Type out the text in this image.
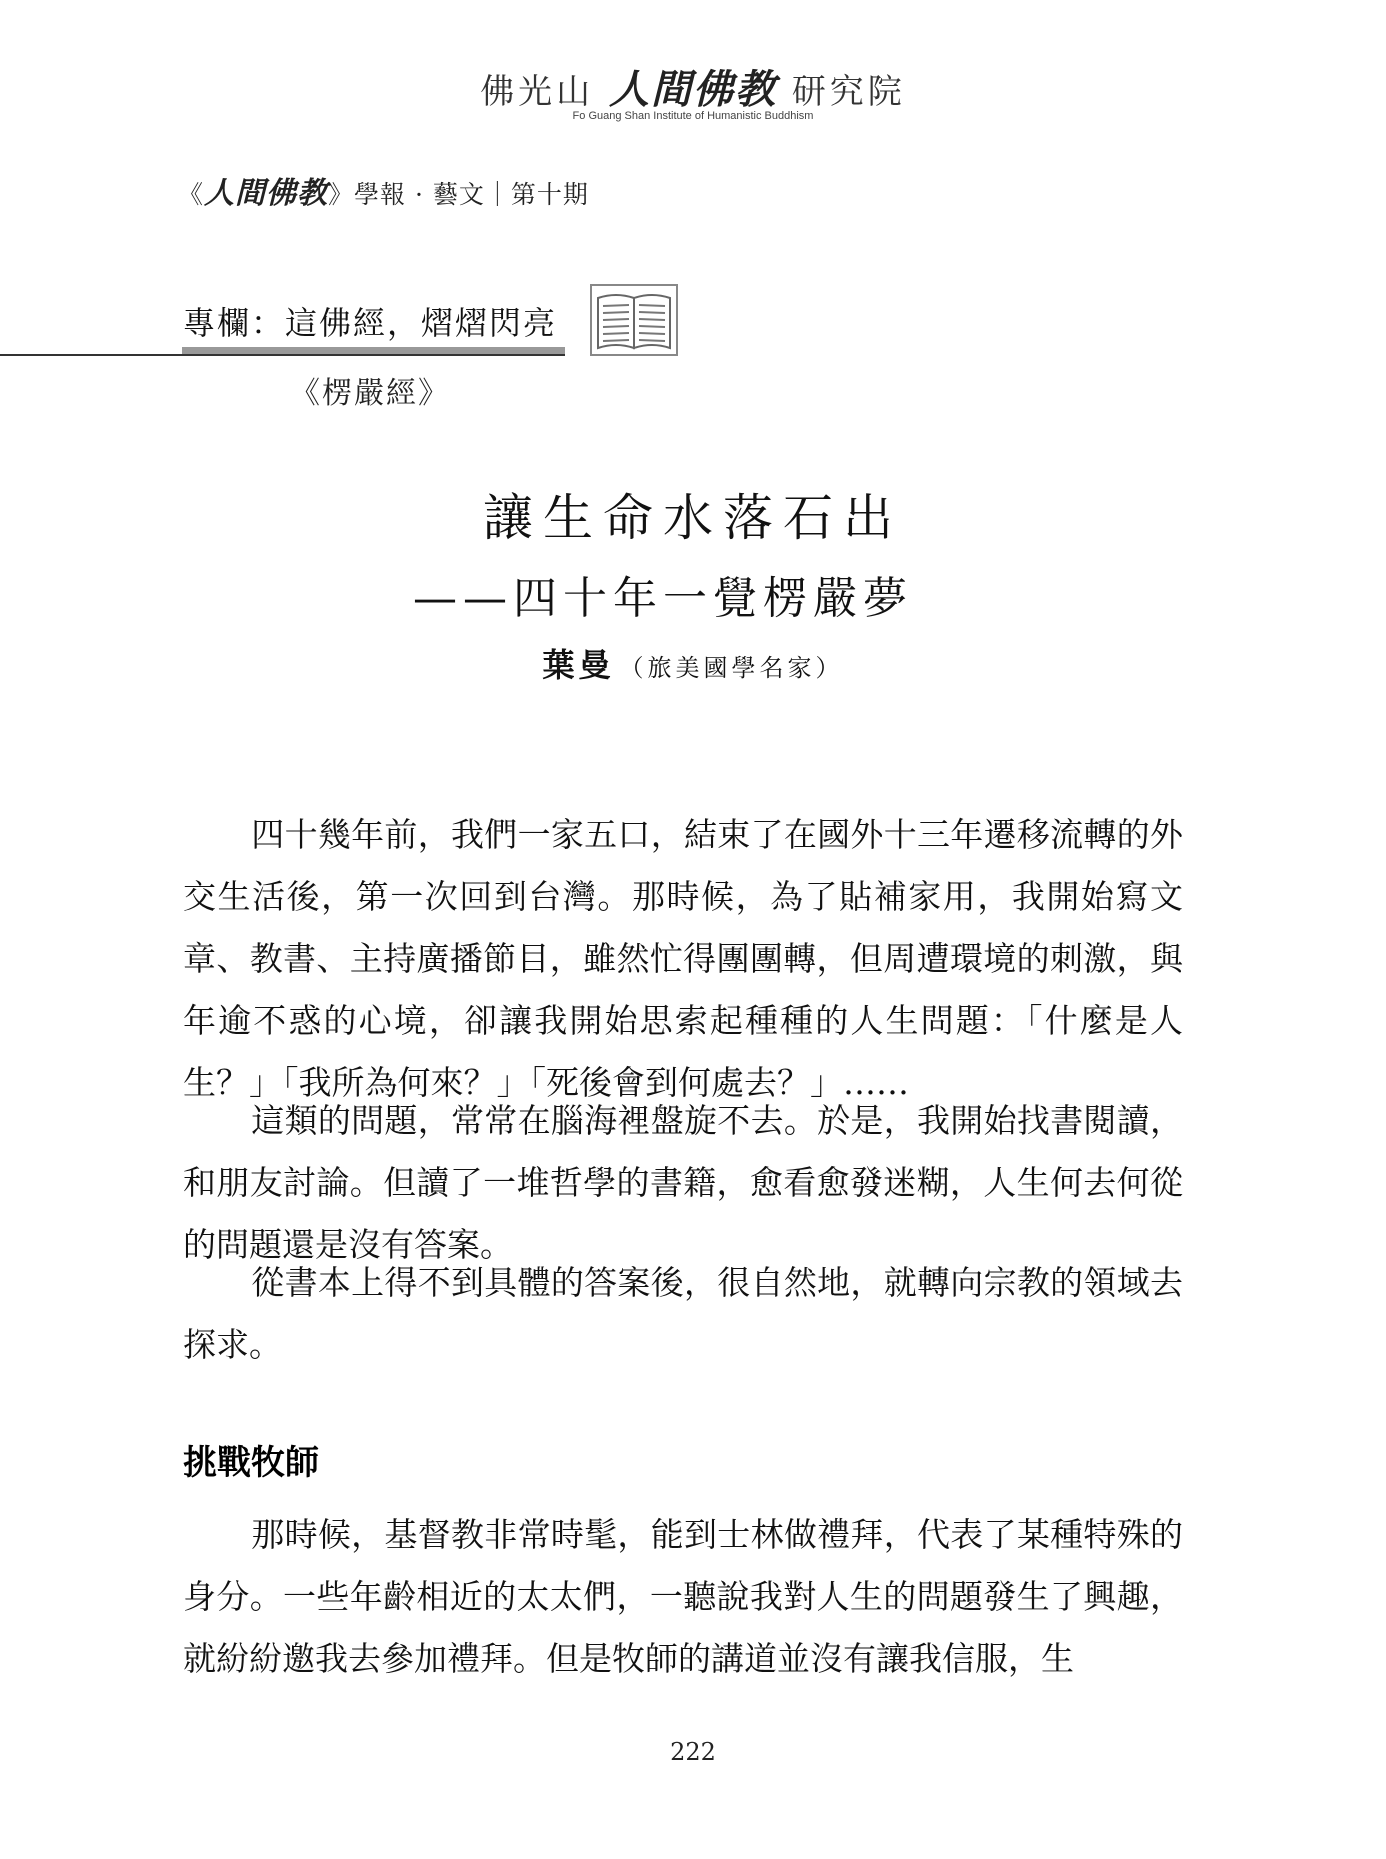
佛光山 人間佛教 研究院
Fo Guang Shan Institute of Humanistic Buddhism
《人間佛教》學報 · 藝文｜第十期
專欄：這佛經，熠熠閃亮
《楞嚴經》
讓生命水落石出
——四十年一覺楞嚴夢
葉曼 （旅美國學名家）

四十幾年前，我們一家五口，結束了在國外十三年遷移流轉的外交生活後，第一次回到台灣。那時候，為了貼補家用，我開始寫文章、教書、主持廣播節目，雖然忙得團團轉，但周遭環境的刺激，與年逾不惑的心境，卻讓我開始思索起種種的人生問題：「什麼是人生？」「我所為何來？」「死後會到何處去？」……

這類的問題，常常在腦海裡盤旋不去。於是，我開始找書閱讀，和朋友討論。但讀了一堆哲學的書籍，愈看愈發迷糊，人生何去何從的問題還是沒有答案。

從書本上得不到具體的答案後，很自然地，就轉向宗教的領域去探求。

挑戰牧師

那時候，基督教非常時髦，能到士林做禮拜，代表了某種特殊的身分。一些年齡相近的太太們，一聽說我對人生的問題發生了興趣，就紛紛邀我去參加禮拜。但是牧師的講道並沒有讓我信服，生

222
